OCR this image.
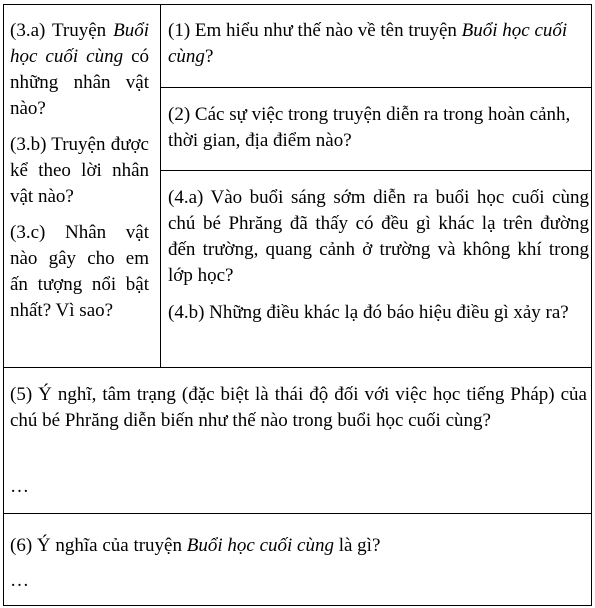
(3.a) Truyện Buổi học cuối cùng có những nhân vật nào?

(3.b) Truyện được kể theo lời nhân vật nào?

(3.c) Nhân vật nào gây cho em ấn tượng nổi bật nhất? Vì sao?

(1) Em hiểu như thế nào về tên truyện Buổi học cuối cùng?

(2) Các sự việc trong truyện diễn ra trong hoàn cảnh, thời gian, địa điểm nào?

(4.a) Vào buổi sáng sớm diễn ra buổi học cuối cùng chú bé Phrăng đã thấy có đều gì khác lạ trên đường đến trường, quang cảnh ở trường và không khí trong lớp học?

(4.b) Những điều khác lạ đó báo hiệu điều gì xảy ra?

(5) Ý nghĩ, tâm trạng (đặc biệt là thái độ đối với việc học tiếng Pháp) của chú bé Phrăng diễn biến như thế nào trong buổi học cuối cùng?

…

(6) Ý nghĩa của truyện Buổi học cuối cùng là gì?

…
